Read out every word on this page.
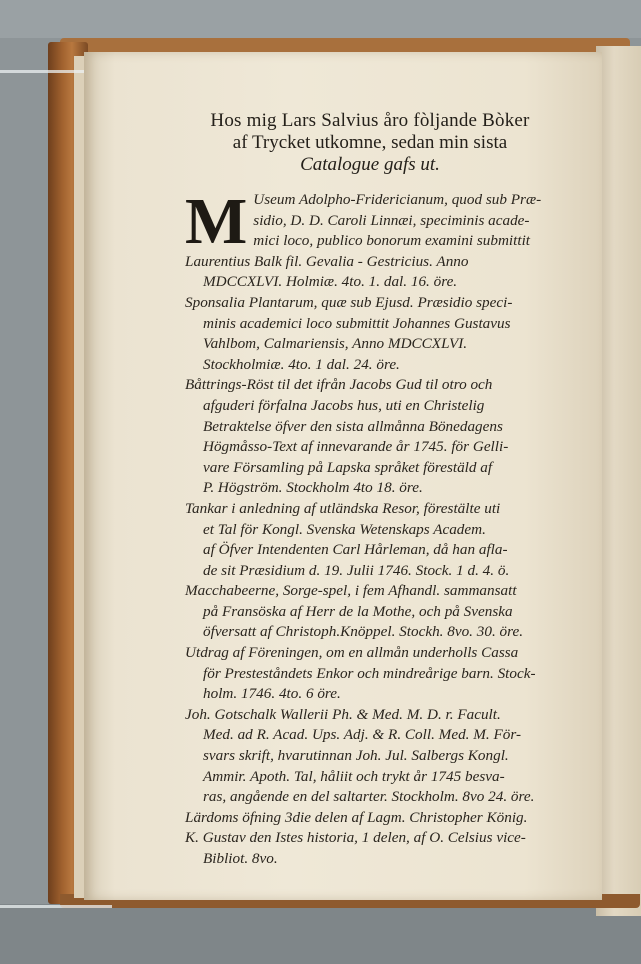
Hos mig Lars Salvius åro fòljande Bòker
af Trycket utkomne, sedan min sista
Catalogue gafs ut.
M Useum Adolpho-Fridericianum, quod sub Præ-
sidio, D. D. Caroli Linnæi, speciminis acade-
mici loco, publico bonorum examini submittit
Laurentius Balk fil. Gevalia - Gestricius. Anno
MDCCXLVI. Holmiæ. 4to. 1. dal. 16. öre.
Sponsalia Plantarum, quæ sub Ejusd. Præsidio speci-
minis academici loco submittit Johannes Gustavus
Vahlbom, Calmariensis, Anno MDCCXLVI.
Stockholmiæ. 4to. 1 dal. 24. öre.
Båttrings-Röst til det ifrån Jacobs Gud til otro och
afguderi förfalna Jacobs hus, uti en Christelig
Betraktelse öfver den sista allmånna Bönedagens
Högmåsso-Text af innevarande år 1745. för Gelli-
vare Församling på Lapska språket förestäld af
P. Högström. Stockholm 4to 18. öre.
Tankar i anledning af utländska Resor, förestälte uti
et Tal för Kongl. Svenska Wetenskaps Academ.
af Öfver Intendenten Carl Hårleman, då han afla-
de sit Præsidium d. 19. Julii 1746. Stock. 1 d. 4. ö.
Macchabeerne, Sorge-spel, i fem Afhandl. sammansatt
på Fransöska af Herr de la Mothe, och på Svenska
öfversatt af Christoph.Knöppel. Stockh. 8vo. 30. öre.
Utdrag af Föreningen, om en allmån underholls Cassa
för Presteståndets Enkor och mindreårige barn. Stock-
holm. 1746. 4to. 6 öre.
Joh. Gotschalk Wallerii Ph. & Med. M. D. r. Facult.
Med. ad R. Acad. Ups. Adj. & R. Coll. Med. M. För-
svars skrift, hvarutinnan Joh. Jul. Salbergs Kongl.
Ammir. Apoth. Tal, håliit och trykt år 1745 besva-
ras, angående en del saltarter. Stockholm. 8vo 24. öre.
Lärdoms öfning 3die delen af Lagm. Christopher König.
K. Gustav den Istes historia, 1 delen, af O. Celsius vice-
Bibliot. 8vo.
